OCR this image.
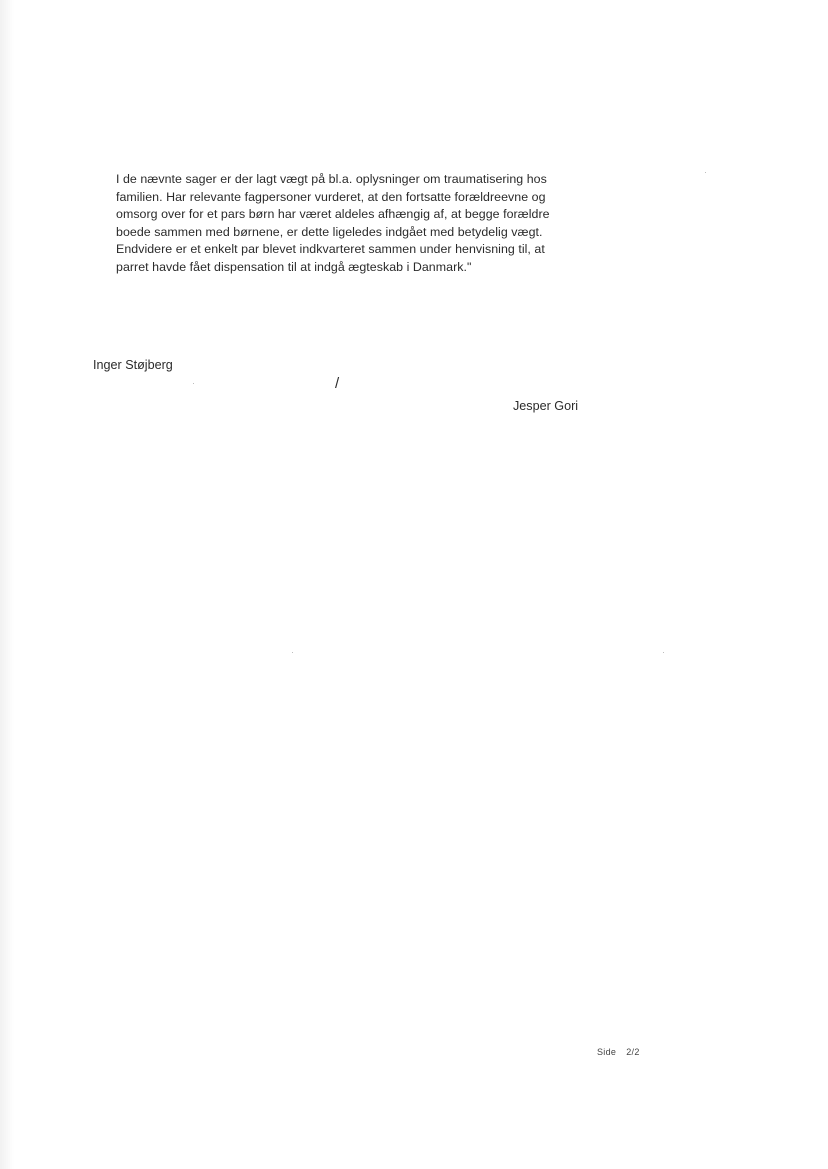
I de nævnte sager er der lagt vægt på bl.a. oplysninger om traumatisering hos
familien. Har relevante fagpersoner vurderet, at den fortsatte forældreevne og
omsorg over for et pars børn har været aldeles afhængig af, at begge forældre
boede sammen med børnene, er dette ligeledes indgået med betydelig vægt.
Endvidere er et enkelt par blevet indkvarteret sammen under henvisning til, at
parret havde fået dispensation til at indgå ægteskab i Danmark."
Inger Støjberg
/
Jesper Gori
Side 2/2
